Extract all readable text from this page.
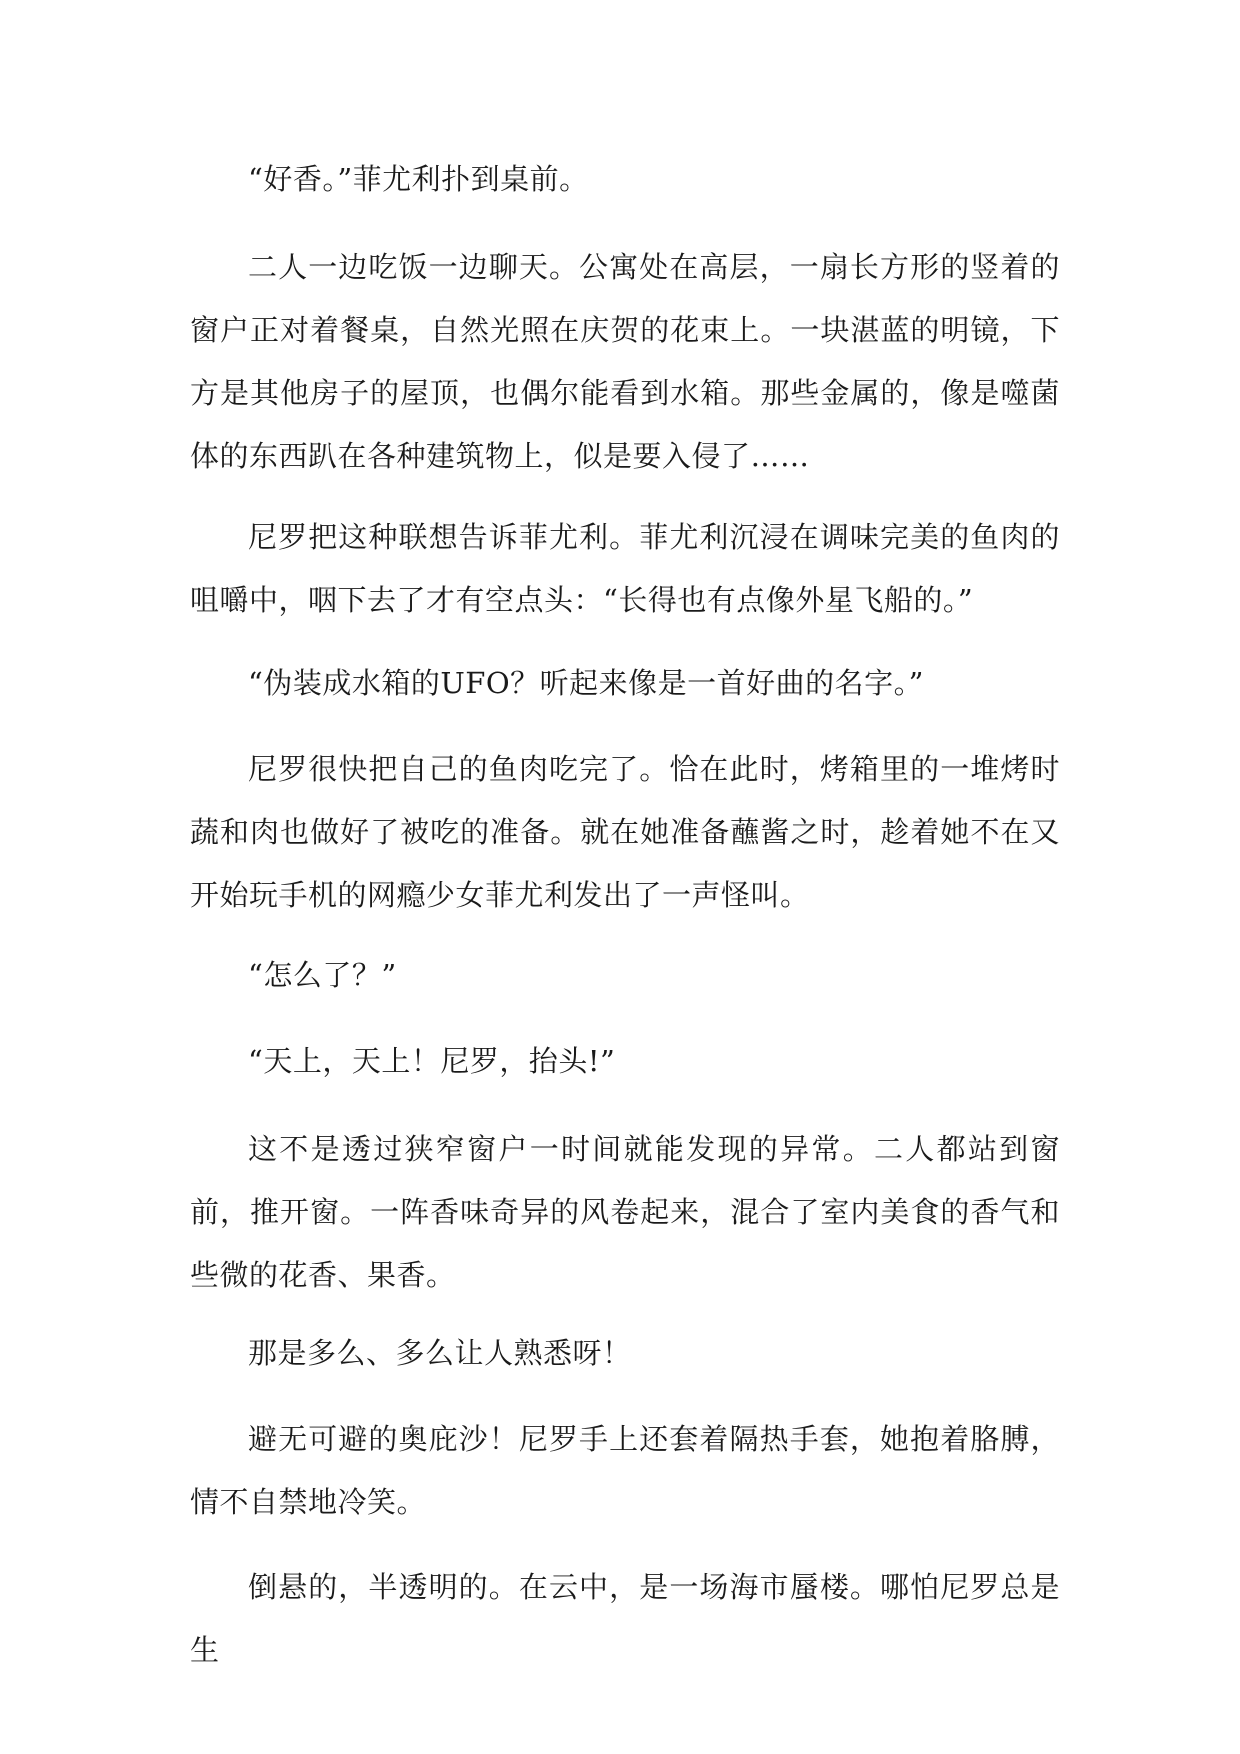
“好香。”菲尤利扑到桌前。

二人一边吃饭一边聊天。公寓处在高层，一扇长方形的竖着的窗户正对着餐桌，自然光照在庆贺的花束上。一块湛蓝的明镜，下方是其他房子的屋顶，也偶尔能看到水箱。那些金属的，像是噬菌体的东西趴在各种建筑物上，似是要入侵了……

尼罗把这种联想告诉菲尤利。菲尤利沉浸在调味完美的鱼肉的咀嚼中，咽下去了才有空点头：“长得也有点像外星飞船的。”

“伪装成水箱的UFO？听起来像是一首好曲的名字。”

尼罗很快把自己的鱼肉吃完了。恰在此时，烤箱里的一堆烤时蔬和肉也做好了被吃的准备。就在她准备蘸酱之时，趁着她不在又开始玩手机的网瘾少女菲尤利发出了一声怪叫。

“怎么了？”

“天上，天上！尼罗，抬头!”

这不是透过狭窄窗户一时间就能发现的异常。二人都站到窗前，推开窗。一阵香味奇异的风卷起来，混合了室内美食的香气和些微的花香、果香。

那是多么、多么让人熟悉呀！

避无可避的奥庇沙！尼罗手上还套着隔热手套，她抱着胳膊，情不自禁地冷笑。

倒悬的，半透明的。在云中，是一场海市蜃楼。哪怕尼罗总是生
